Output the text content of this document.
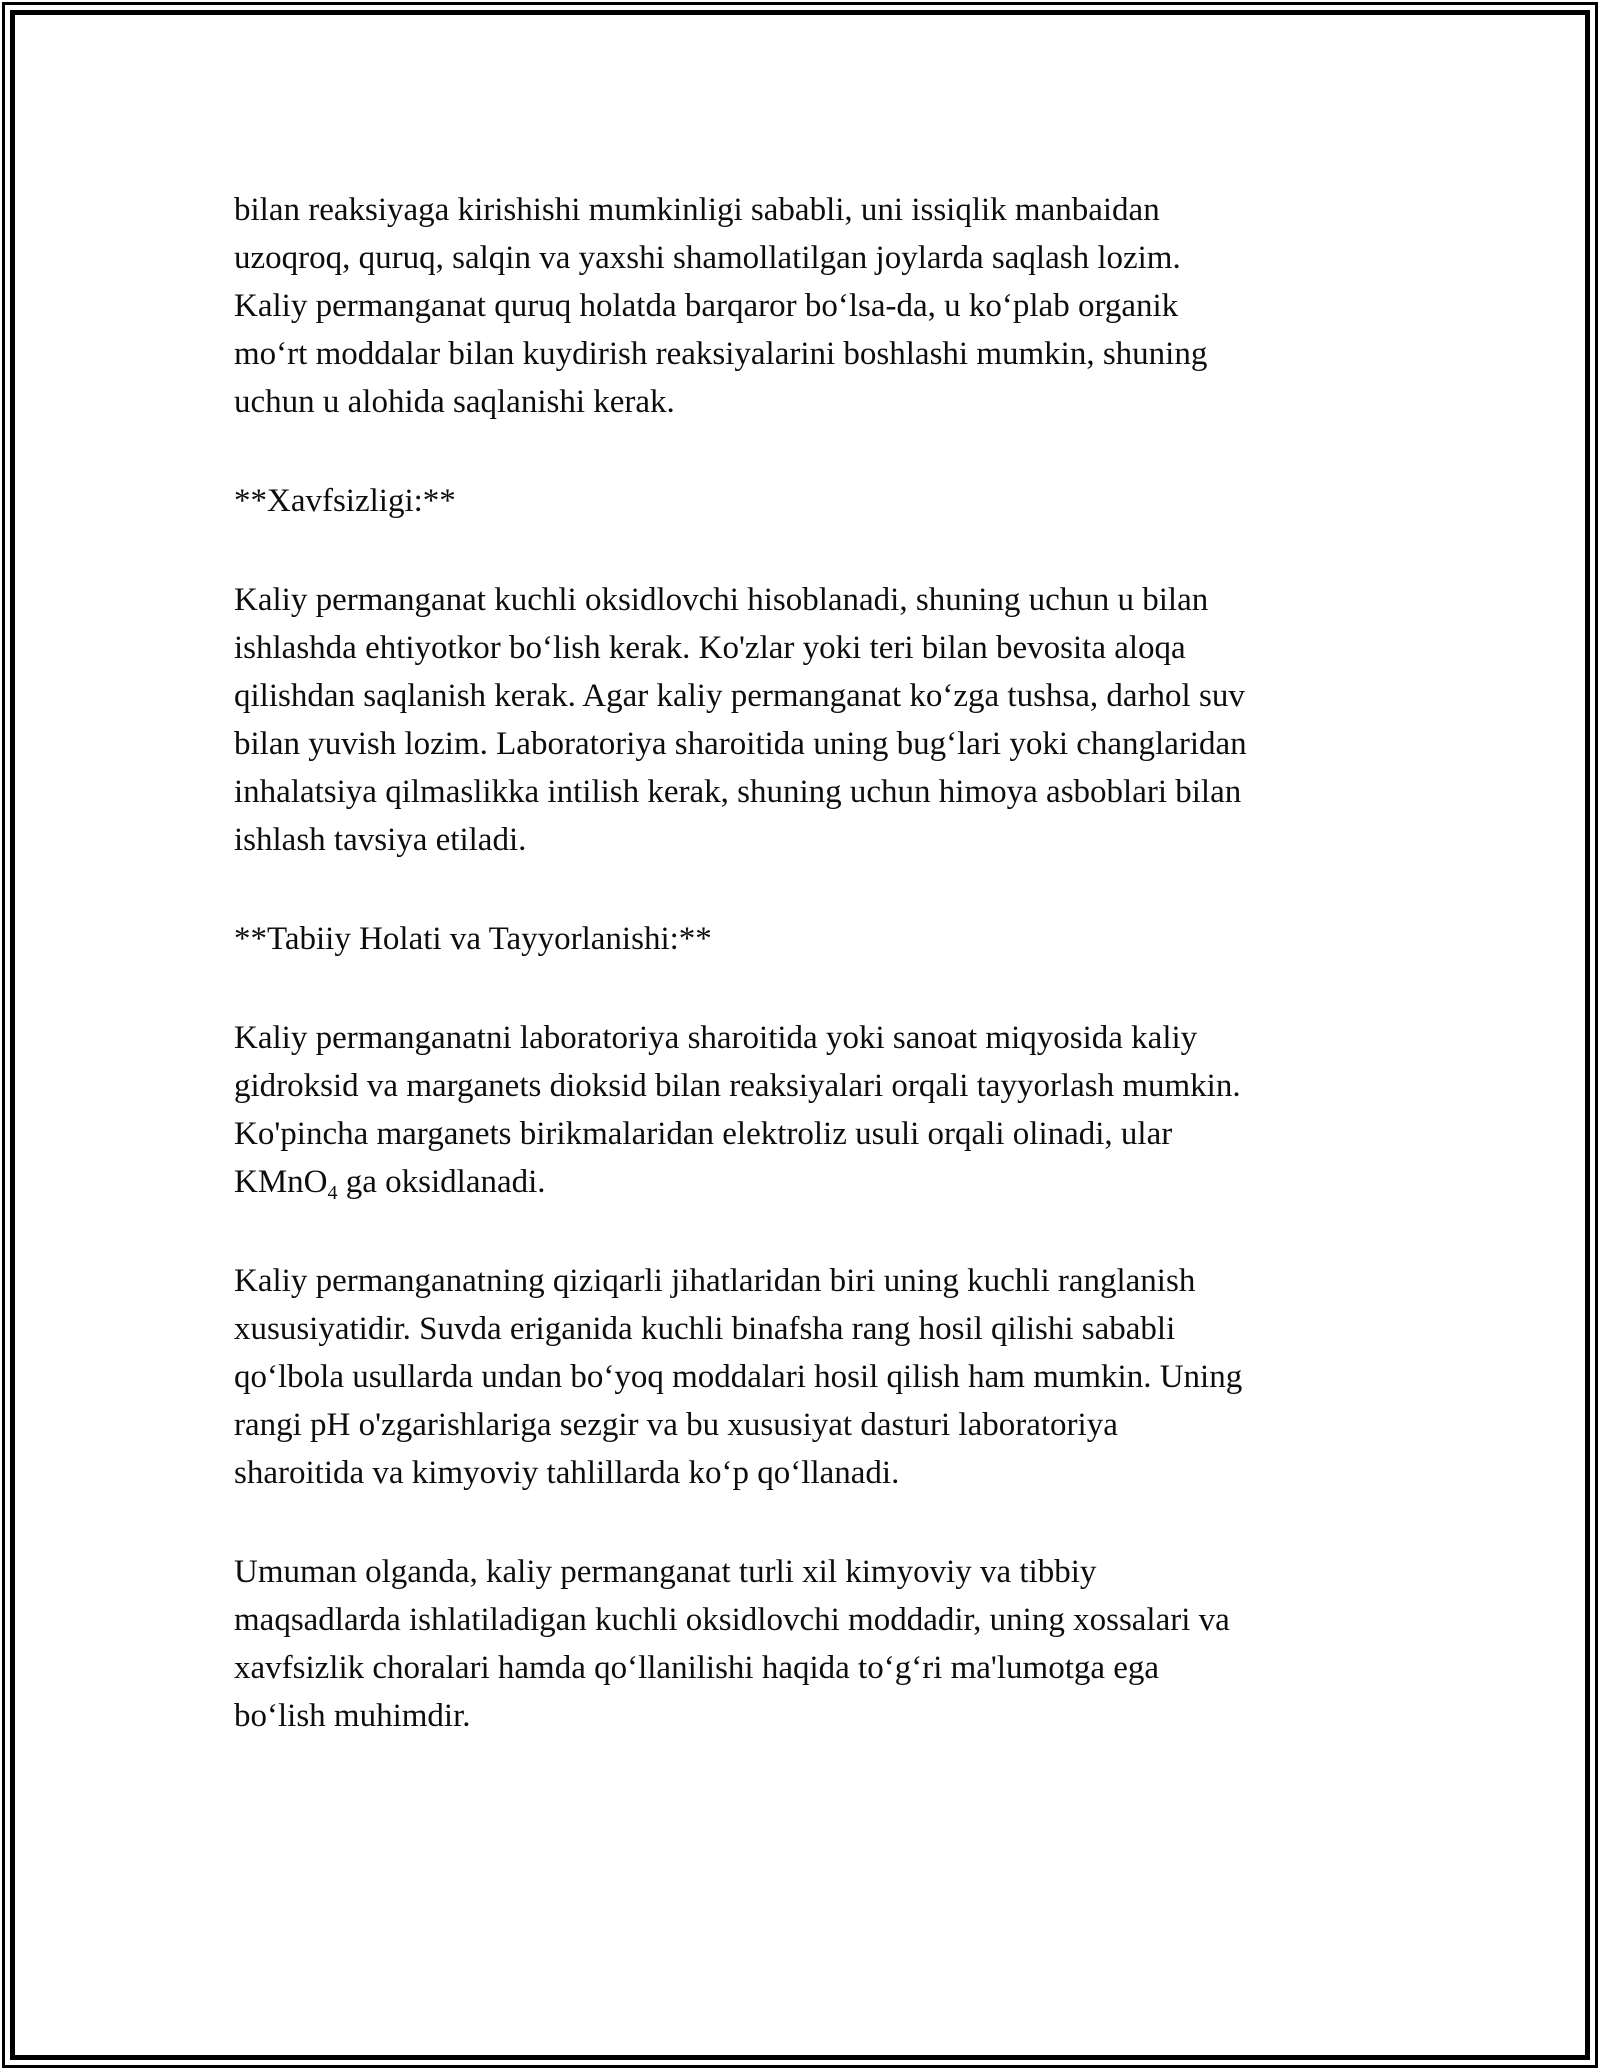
bilan reaksiyaga kirishishi mumkinligi sababli, uni issiqlik manbaidan
uzoqroq, quruq, salqin va yaxshi shamollatilgan joylarda saqlash lozim.
Kaliy permanganat quruq holatda barqaror bo‘lsa-da, u ko‘plab organik
mo‘rt moddalar bilan kuydirish reaksiyalarini boshlashi mumkin, shuning
uchun u alohida saqlanishi kerak.
**Xavfsizligi:**
Kaliy permanganat kuchli oksidlovchi hisoblanadi, shuning uchun u bilan
ishlashda ehtiyotkor bo‘lish kerak. Ko'zlar yoki teri bilan bevosita aloqa
qilishdan saqlanish kerak. Agar kaliy permanganat ko‘zga tushsa, darhol suv
bilan yuvish lozim. Laboratoriya sharoitida uning bug‘lari yoki changlaridan
inhalatsiya qilmaslikka intilish kerak, shuning uchun himoya asboblari bilan
ishlash tavsiya etiladi.
**Tabiiy Holati va Tayyorlanishi:**
Kaliy permanganatni laboratoriya sharoitida yoki sanoat miqyosida kaliy
gidroksid va marganets dioksid bilan reaksiyalari orqali tayyorlash mumkin.
Ko'pincha marganets birikmalaridan elektroliz usuli orqali olinadi, ular
KMnO$_4$ ga oksidlanadi.
Kaliy permanganatning qiziqarli jihatlaridan biri uning kuchli ranglanish
xususiyatidir. Suvda eriganida kuchli binafsha rang hosil qilishi sababli
qo‘lbola usullarda undan bo‘yoq moddalari hosil qilish ham mumkin. Uning
rangi pH o'zgarishlariga sezgir va bu xususiyat dasturi laboratoriya
sharoitida va kimyoviy tahlillarda ko‘p qo‘llanadi.
Umuman olganda, kaliy permanganat turli xil kimyoviy va tibbiy
maqsadlarda ishlatiladigan kuchli oksidlovchi moddadir, uning xossalari va
xavfsizlik choralari hamda qo‘llanilishi haqida to‘g‘ri ma'lumotga ega
bo‘lish muhimdir.
